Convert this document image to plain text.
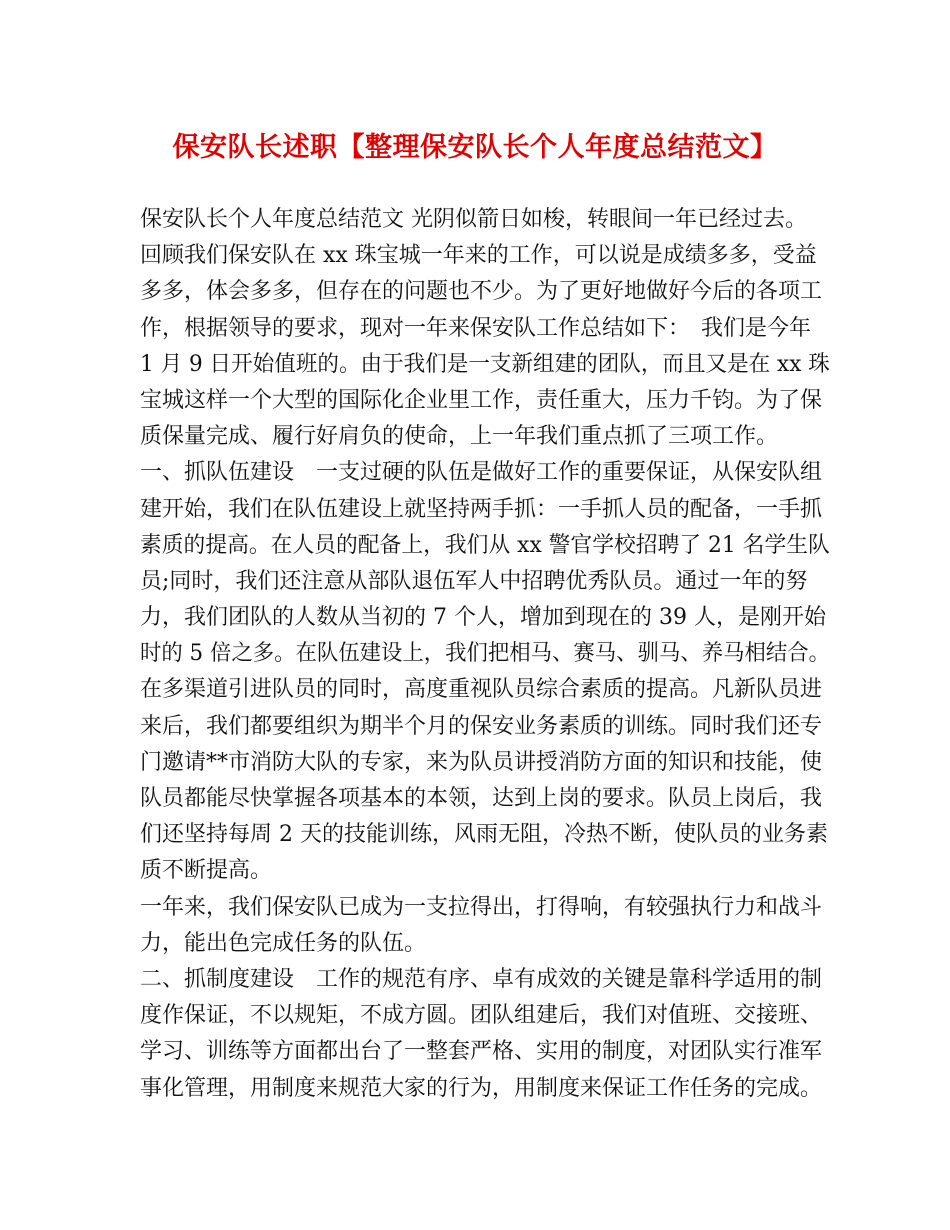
保安队长述职【整理保安队长个人年度总结范文】
保安队长个人年度总结范文 光阴似箭日如梭，转眼间一年已经过去。
回顾我们保安队在 xx 珠宝城一年来的工作，可以说是成绩多多，受益
多多，体会多多，但存在的问题也不少。为了更好地做好今后的各项工
作，根据领导的要求，现对一年来保安队工作总结如下：　我们是今年
1 月 9 日开始值班的。由于我们是一支新组建的团队，而且又是在 xx 珠
宝城这样一个大型的国际化企业里工作，责任重大，压力千钧。为了保
质保量完成、履行好肩负的使命，上一年我们重点抓了三项工作。
一、抓队伍建设　一支过硬的队伍是做好工作的重要保证，从保安队组
建开始，我们在队伍建设上就坚持两手抓：一手抓人员的配备，一手抓
素质的提高。在人员的配备上，我们从 xx 警官学校招聘了 21 名学生队
员;同时，我们还注意从部队退伍军人中招聘优秀队员。通过一年的努
力，我们团队的人数从当初的 7 个人，增加到现在的 39 人，是刚开始
时的 5 倍之多。在队伍建设上，我们把相马、赛马、驯马、养马相结合。
在多渠道引进队员的同时，高度重视队员综合素质的提高。凡新队员进
来后，我们都要组织为期半个月的保安业务素质的训练。同时我们还专
门邀请**市消防大队的专家，来为队员讲授消防方面的知识和技能，使
队员都能尽快掌握各项基本的本领，达到上岗的要求。队员上岗后，我
们还坚持每周 2 天的技能训练，风雨无阻，冷热不断，使队员的业务素
质不断提高。
一年来，我们保安队已成为一支拉得出，打得响，有较强执行力和战斗
力，能出色完成任务的队伍。
二、抓制度建设　工作的规范有序、卓有成效的关键是靠科学适用的制
度作保证，不以规矩，不成方圆。团队组建后，我们对值班、交接班、
学习、训练等方面都出台了一整套严格、实用的制度，对团队实行准军
事化管理，用制度来规范大家的行为，用制度来保证工作任务的完成。
